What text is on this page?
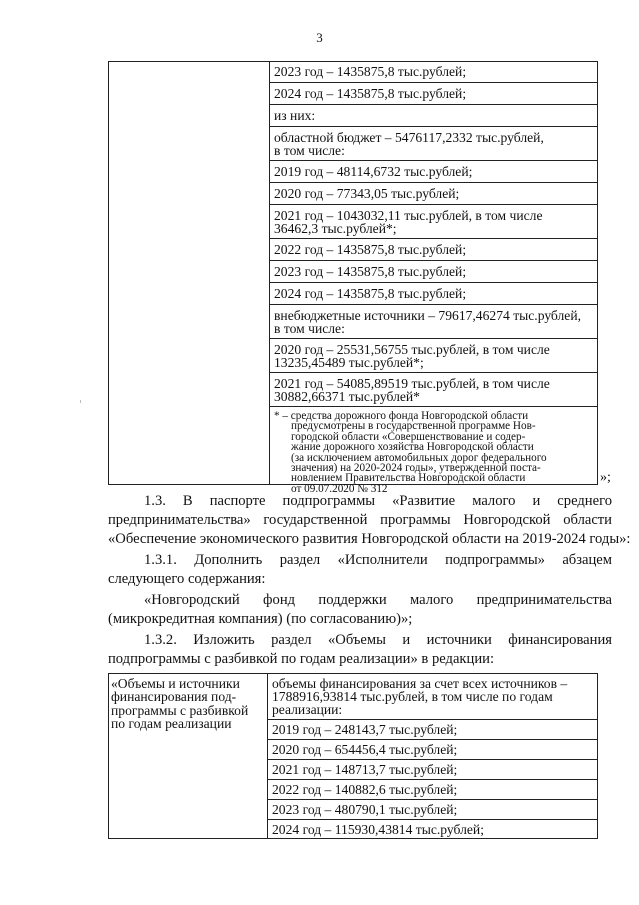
3
2023 год – 1435875,8 тыс.рублей;
2024 год – 1435875,8 тыс.рублей;
из них:
областной бюджет – 5476117,2332 тыс.рублей,
в том числе:
2019 год – 48114,6732 тыс.рублей;
2020 год – 77343,05 тыс.рублей;
2021 год – 1043032,11 тыс.рублей, в том числе
36462,3 тыс.рублей*;
2022 год – 1435875,8 тыс.рублей;
2023 год – 1435875,8 тыс.рублей;
2024 год – 1435875,8 тыс.рублей;
внебюджетные источники – 79617,46274 тыс.рублей,
в том числе:
2020 год – 25531,56755 тыс.рублей, в том числе
13235,45489 тыс.рублей*;
2021 год – 54085,89519 тыс.рублей, в том числе
30882,66371 тыс.рублей*
* – средства дорожного фонда Новгородской области
предусмотрены в государственной программе Нов-
городской области «Совершенствование и содер-
жание дорожного хозяйства Новгородской области
(за исключением автомобильных дорог федерального
значения) на 2020-2024 годы», утвержденной поста-
новлением Правительства Новгородской области
от 09.07.2020 № 312
»;

1.3. В паспорте подпрограммы «Развитие малого и среднего
предпринимательства» государственной программы Новгородской области
«Обеспечение экономического развития Новгородской области на 2019-2024 годы»:

1.3.1. Дополнить раздел «Исполнители подпрограммы» абзацем
следующего содержания:

«Новгородский фонд поддержки малого предпринимательства
(микрокредитная компания) (по согласованию)»;

1.3.2. Изложить раздел «Объемы и источники финансирования
подпрограммы с разбивкой по годам реализации» в редакции:

«Объемы и источники
финансирования под-
программы с разбивкой
по годам реализации
объемы финансирования за счет всех источников –
1788916,93814 тыс.рублей, в том числе по годам
реализации:
2019 год – 248143,7 тыс.рублей;
2020 год – 654456,4 тыс.рублей;
2021 год – 148713,7 тыс.рублей;
2022 год – 140882,6 тыс.рублей;
2023 год – 480790,1 тыс.рублей;
2024 год – 115930,43814 тыс.рублей;
